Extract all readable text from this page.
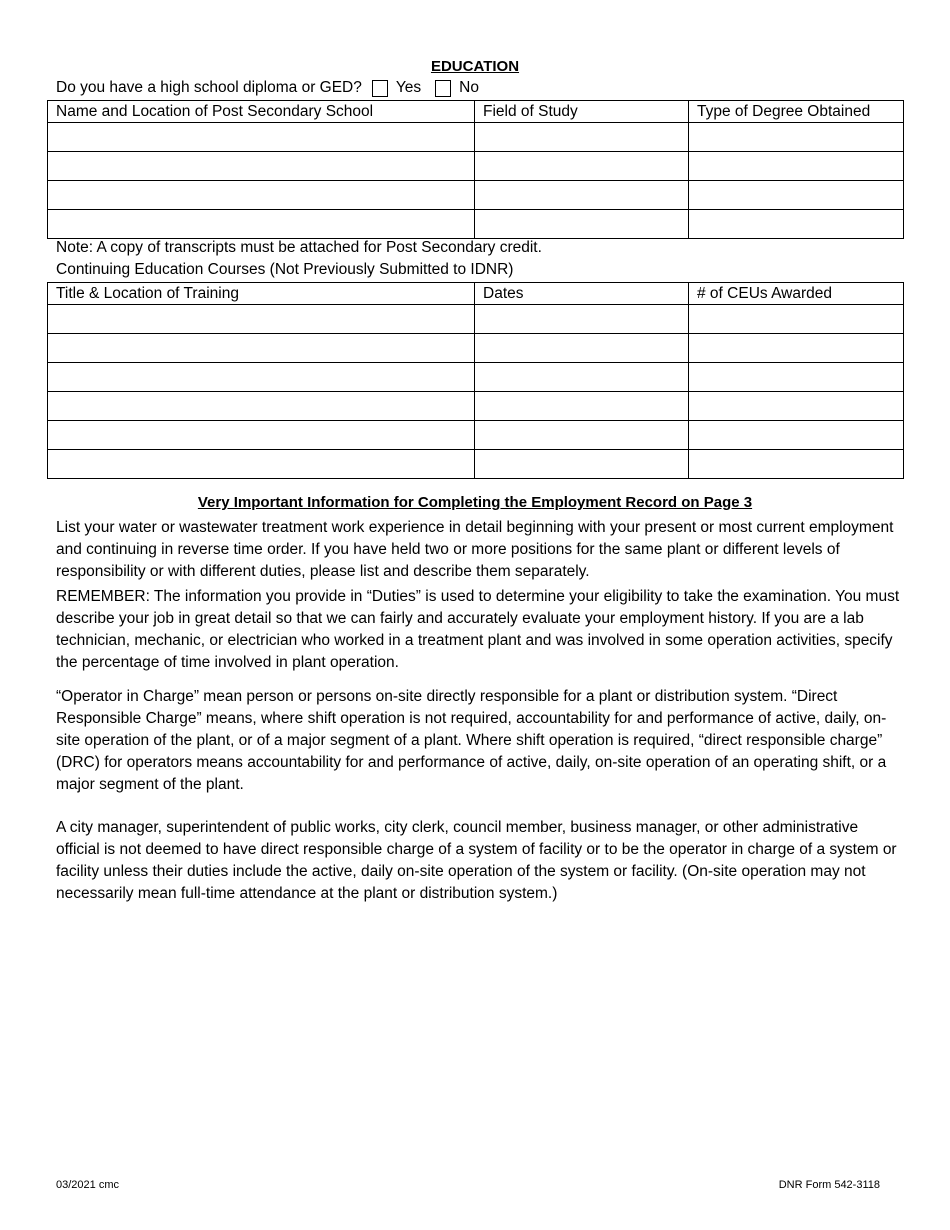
EDUCATION
Do you have a high school diploma or GED? Yes No
Name and Location of Post Secondary School	Field of Study	Type of Degree Obtained

Note: A copy of transcripts must be attached for Post Secondary credit.
Continuing Education Courses (Not Previously Submitted to IDNR)
Title & Location of Training	Dates	# of CEUs Awarded

Very Important Information for Completing the Employment Record on Page 3

List your water or wastewater treatment work experience in detail beginning with your present or most current employment and continuing in reverse time order. If you have held two or more positions for the same plant or different levels of responsibility or with different duties, please list and describe them separately.

REMEMBER: The information you provide in “Duties” is used to determine your eligibility to take the examination. You must describe your job in great detail so that we can fairly and accurately evaluate your employment history. If you are a lab technician, mechanic, or electrician who worked in a treatment plant and was involved in some operation activities, specify the percentage of time involved in plant operation.

“Operator in Charge” mean person or persons on-site directly responsible for a plant or distribution system. “Direct Responsible Charge” means, where shift operation is not required, accountability for and performance of active, daily, on-site operation of the plant, or of a major segment of a plant. Where shift operation is required, “direct responsible charge” (DRC) for operators means accountability for and performance of active, daily, on-site operation of an operating shift, or a major segment of the plant.

A city manager, superintendent of public works, city clerk, council member, business manager, or other administrative official is not deemed to have direct responsible charge of a system of facility or to be the operator in charge of a system or facility unless their duties include the active, daily on-site operation of the system or facility. (On-site operation may not necessarily mean full-time attendance at the plant or distribution system.)

03/2021 cmc	DNR Form 542-3118
